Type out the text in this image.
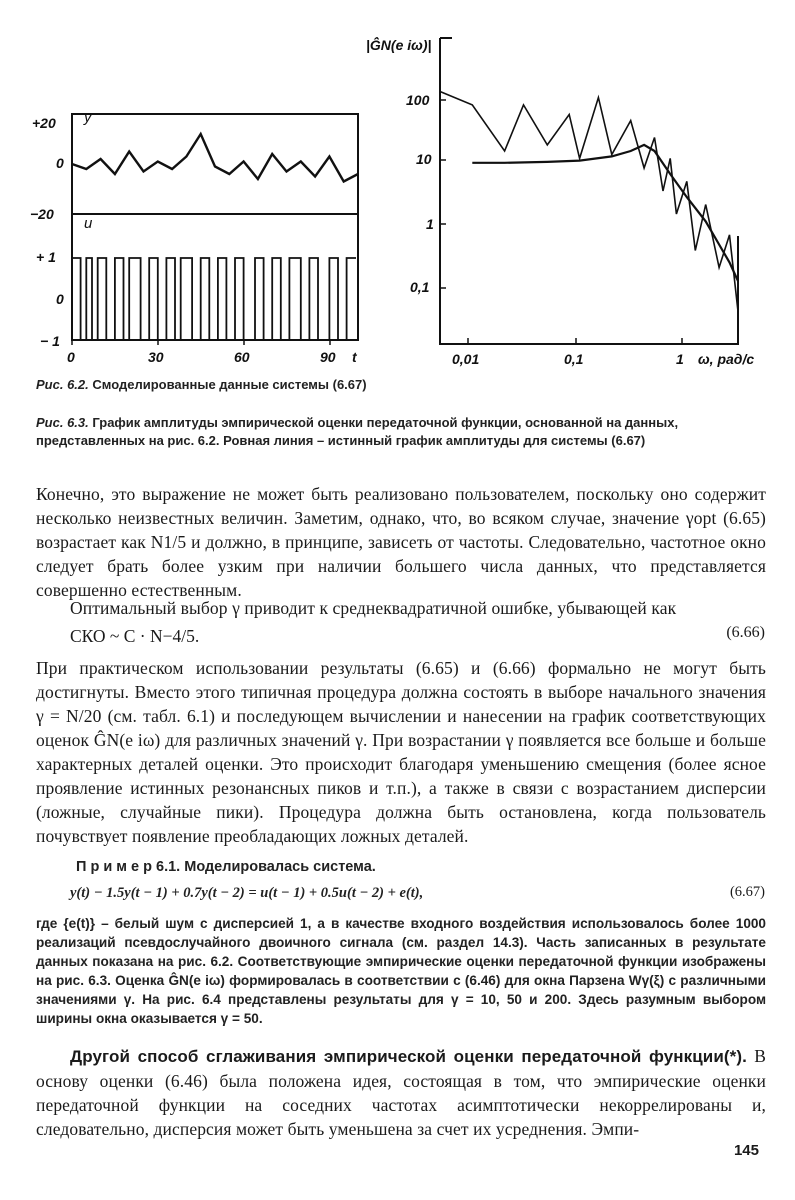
y
+20
0
−20
u
+ 1
0
− 1
0	30	60	90 t
|Ĝ̂N(e iω)|
100
10
1
0,1
0,01	0,1	1 ω, рад/с
Рис. 6.2. Смоделированные данные системы (6.67)
Рис. 6.3. График амплитуды эмпирической оценки передаточной функции, основанной на данных,
представленных на рис. 6.2. Ровная линия – истинный график амплитуды для системы (6.67)
Конечно, это выражение не может быть реализовано пользователем, поскольку оно содержит несколько неизвестных величин. Заметим, однако, что, во всяком случае, значение γopt (6.65) возрастает как N1/5 и должно, в принципе, зависеть от частоты. Следовательно, частотное окно следует брать более узким при наличии большего числа данных, что представляется совершенно естественным.
Оптимальный выбор γ приводит к среднеквадратичной ошибке, убывающей как
СКО ~ C · N−4/5.	(6.66)
При практическом использовании результаты (6.65) и (6.66) формально не могут быть достигнуты. Вместо этого типичная процедура должна состоять в выборе начального значения γ = N/20 (см. табл. 6.1) и последующем вычислении и нанесении на график соответствующих оценок ĜN(e iω) для различных значений γ. При возрастании γ появляется все больше и больше характерных деталей оценки. Это происходит благодаря уменьшению смещения (более ясное проявление истинных резонансных пиков и т.п.), а также в связи с возрастанием дисперсии (ложные, случайные пики). Процедура должна быть остановлена, когда пользователь почувствует появление преобладающих ложных деталей.
П р и м е р 6.1. Моделировалась система.
y(t) − 1.5y(t − 1) + 0.7y(t − 2) = u(t − 1) + 0.5u(t − 2) + e(t),	(6.67)
где {e(t)} – белый шум с дисперсией 1, а в качестве входного воздействия использовалось более 1000 реализаций псевдослучайного двоичного сигнала (см. раздел 14.3). Часть записанных в результате данных показана на рис. 6.2. Соответствующие эмпирические оценки передаточной функции изображены на рис. 6.3. Оценка ĜN(e iω) формировалась в соответствии с (6.46) для окна Парзена Wγ(ξ) с различными значениями γ. На рис. 6.4 представлены результаты для γ = 10, 50 и 200. Здесь разумным выбором ширины окна оказывается γ = 50.
Другой способ сглаживания эмпирической оценки передаточной функции(*). В основу оценки (6.46) была положена идея, состоящая в том, что эмпирические оценки передаточной функции на соседних частотах асимптотически некоррелированы и, следовательно, дисперсия может быть уменьшена за счет их усреднения. Эмпи-
145
